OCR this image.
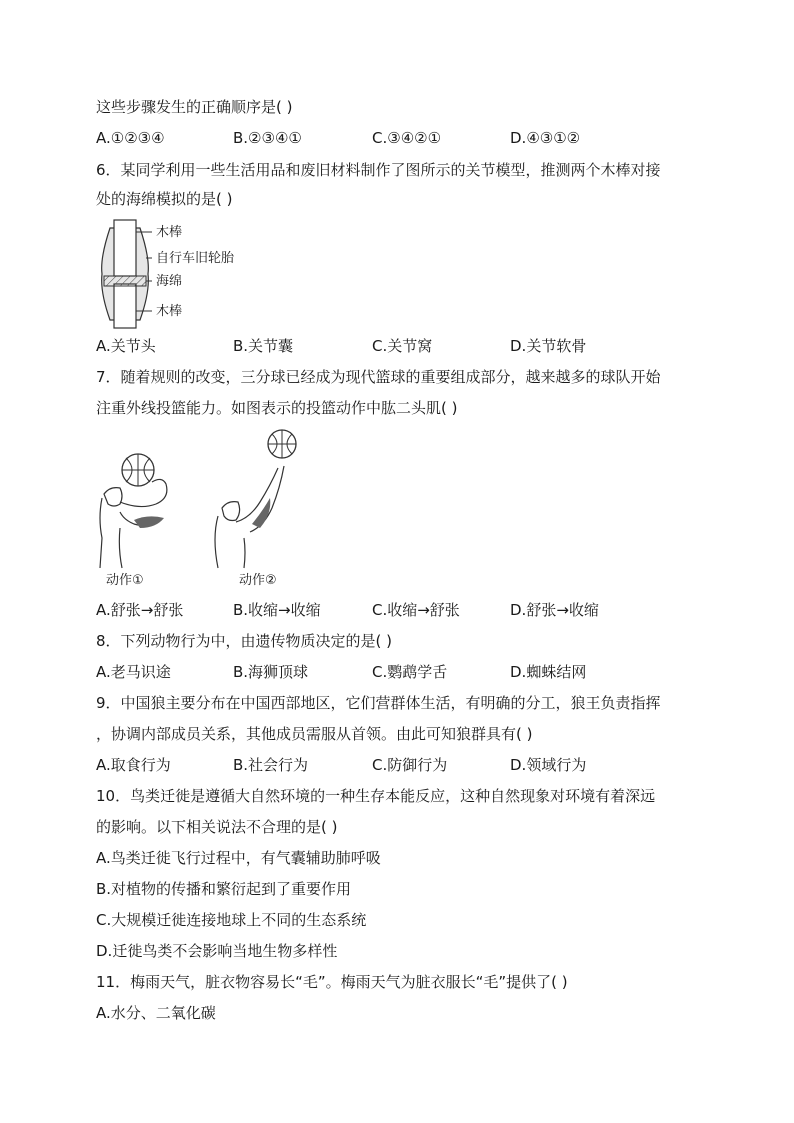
这些步骤发生的正确顺序是( )
A.①②③④	B.②③④①	C.③④②①	D.④③①②
6．某同学利用一些生活用品和废旧材料制作了图所示的关节模型，推测两个木棒对接
处的海绵模拟的是( )
木棒
自行车旧轮胎
海绵
木棒
A.关节头	B.关节囊	C.关节窝	D.关节软骨
7．随着规则的改变，三分球已经成为现代篮球的重要组成部分，越来越多的球队开始
注重外线投篮能力。如图表示的投篮动作中肱二头肌( )
动作①	动作②
A.舒张→舒张	B.收缩→收缩	C.收缩→舒张	D.舒张→收缩
8．下列动物行为中，由遗传物质决定的是( )
A.老马识途	B.海狮顶球	C.鹦鹉学舌	D.蜘蛛结网
9．中国狼主要分布在中国西部地区，它们营群体生活，有明确的分工，狼王负责指挥
，协调内部成员关系，其他成员需服从首领。由此可知狼群具有( )
A.取食行为	B.社会行为	C.防御行为	D.领域行为
10．鸟类迁徙是遵循大自然环境的一种生存本能反应，这种自然现象对环境有着深远
的影响。以下相关说法不合理的是( )
A.鸟类迁徙飞行过程中，有气囊辅助肺呼吸
B.对植物的传播和繁衍起到了重要作用
C.大规模迁徙连接地球上不同的生态系统
D.迁徙鸟类不会影响当地生物多样性
11．梅雨天气，脏衣物容易长“毛”。梅雨天气为脏衣服长“毛”提供了( )
A.水分、二氧化碳
